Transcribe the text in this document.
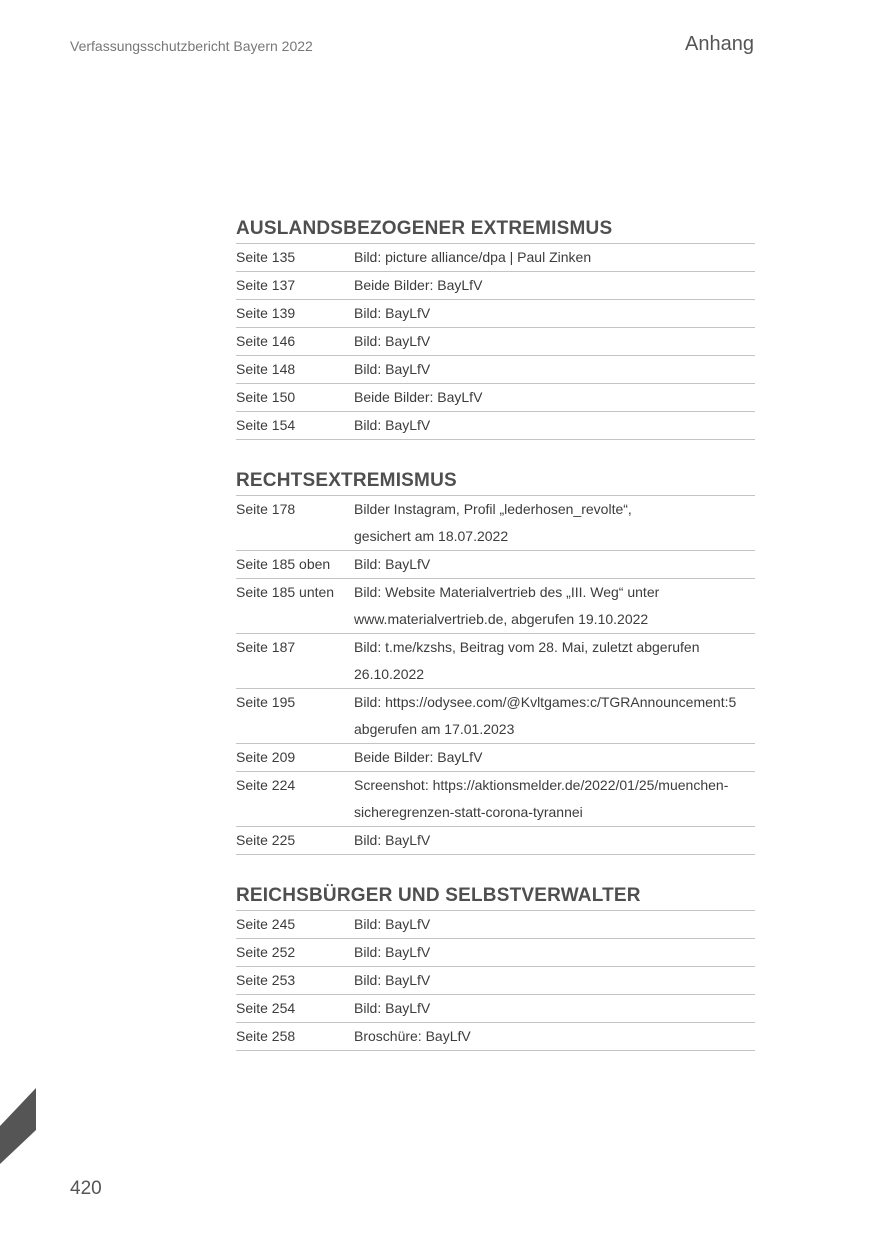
Verfassungsschutzbericht Bayern 2022	Anhang
AUSLANDSBEZOGENER EXTREMISMUS
Seite 135	Bild: picture alliance/dpa | Paul Zinken
Seite 137	Beide Bilder: BayLfV
Seite 139	Bild: BayLfV
Seite 146	Bild: BayLfV
Seite 148	Bild: BayLfV
Seite 150	Beide Bilder: BayLfV
Seite 154	Bild: BayLfV
RECHTSEXTREMISMUS
Seite 178	Bilder Instagram, Profil „lederhosen_revolte“,
gesichert am 18.07.2022
Seite 185 oben	Bild: BayLfV
Seite 185 unten	Bild: Website Materialvertrieb des „III. Weg“ unter
www.materialvertrieb.de, abgerufen 19.10.2022
Seite 187	Bild: t.me/kzshs, Beitrag vom 28. Mai, zuletzt abgerufen
26.10.2022
Seite 195	Bild: https://odysee.com/@Kvltgames:c/TGRAnnouncement:5
abgerufen am 17.01.2023
Seite 209	Beide Bilder: BayLfV
Seite 224	Screenshot: https://aktionsmelder.de/2022/01/25/muenchen-
sicheregrenzen-statt-corona-tyrannei
Seite 225	Bild: BayLfV
REICHSBÜRGER UND SELBSTVERWALTER
Seite 245	Bild: BayLfV
Seite 252	Bild: BayLfV
Seite 253	Bild: BayLfV
Seite 254	Bild: BayLfV
Seite 258	Broschüre: BayLfV
420
